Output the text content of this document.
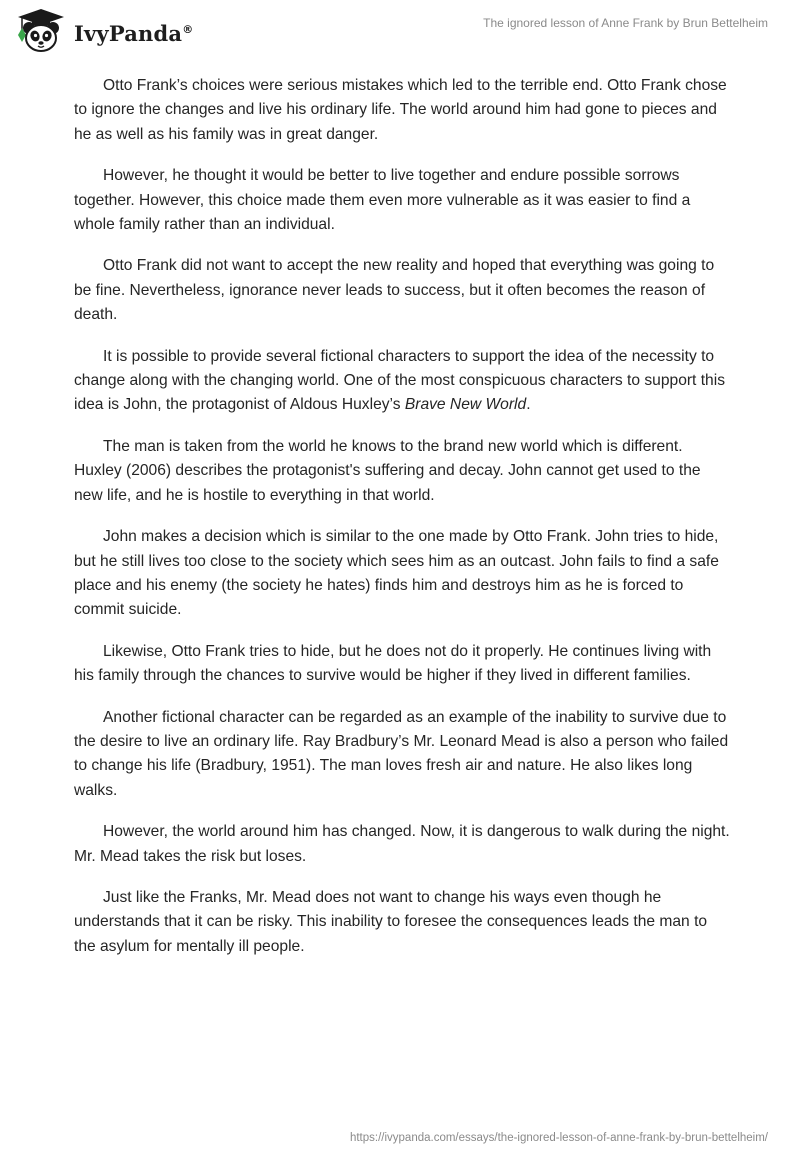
IvyPanda®	The ignored lesson of Anne Frank by Brun Bettelheim

Otto Frank’s choices were serious mistakes which led to the terrible end. Otto Frank chose to ignore the changes and live his ordinary life. The world around him had gone to pieces and he as well as his family was in great danger.

However, he thought it would be better to live together and endure possible sorrows together. However, this choice made them even more vulnerable as it was easier to find a whole family rather than an individual.

Otto Frank did not want to accept the new reality and hoped that everything was going to be fine. Nevertheless, ignorance never leads to success, but it often becomes the reason of death.

It is possible to provide several fictional characters to support the idea of the necessity to change along with the changing world. One of the most conspicuous characters to support this idea is John, the protagonist of Aldous Huxley’s Brave New World.

The man is taken from the world he knows to the brand new world which is different. Huxley (2006) describes the protagonist's suffering and decay. John cannot get used to the new life, and he is hostile to everything in that world.

John makes a decision which is similar to the one made by Otto Frank. John tries to hide, but he still lives too close to the society which sees him as an outcast. John fails to find a safe place and his enemy (the society he hates) finds him and destroys him as he is forced to commit suicide.

Likewise, Otto Frank tries to hide, but he does not do it properly. He continues living with his family through the chances to survive would be higher if they lived in different families.

Another fictional character can be regarded as an example of the inability to survive due to the desire to live an ordinary life. Ray Bradbury’s Mr. Leonard Mead is also a person who failed to change his life (Bradbury, 1951). The man loves fresh air and nature. He also likes long walks.

However, the world around him has changed. Now, it is dangerous to walk during the night. Mr. Mead takes the risk but loses.

Just like the Franks, Mr. Mead does not want to change his ways even though he understands that it can be risky. This inability to foresee the consequences leads the man to the asylum for mentally ill people.

https://ivypanda.com/essays/the-ignored-lesson-of-anne-frank-by-brun-bettelheim/
